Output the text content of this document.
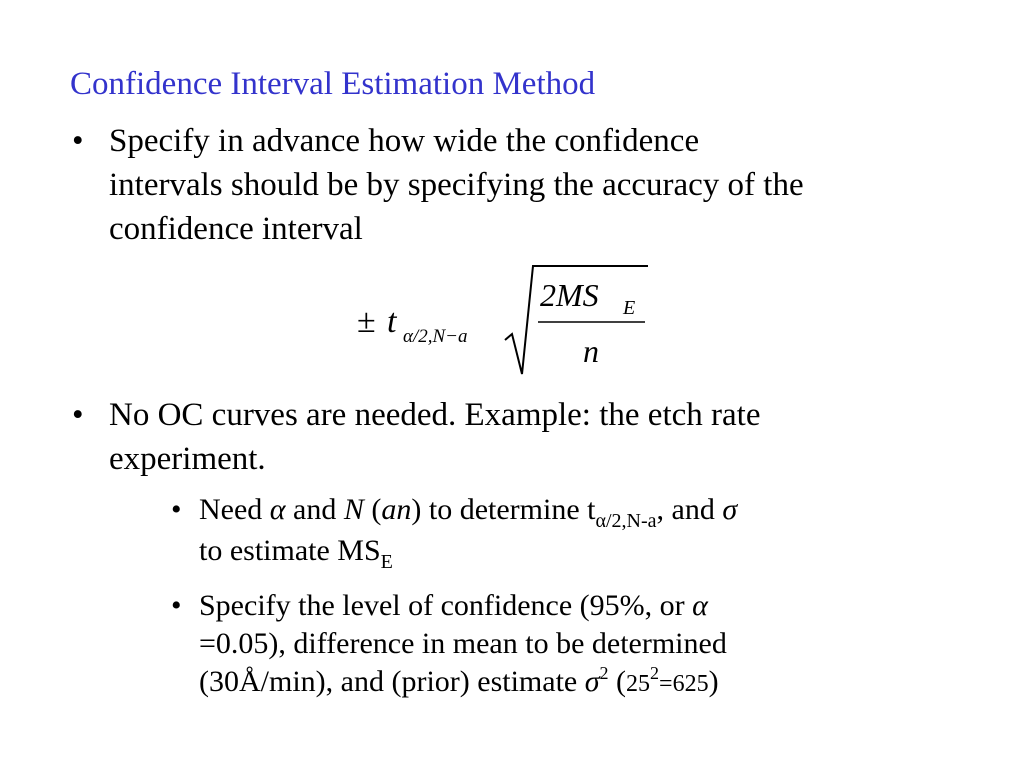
Confidence Interval Estimation Method
• Specify in advance how wide the confidence
intervals should be by specifying the accuracy of the
confidence interval
± t α/2,N−a
2MS E
n
• No OC curves are needed. Example: the etch rate
experiment.
• Need α and N (an) to determine $t_{\alpha/2,N-a}$, and σ
to estimate $MS_E$
• Specify the level of confidence (95%, or α
=0.05), difference in mean to be determined
(30Å/min), and (prior) estimate $\sigma^2$ $(25^2=625)$
